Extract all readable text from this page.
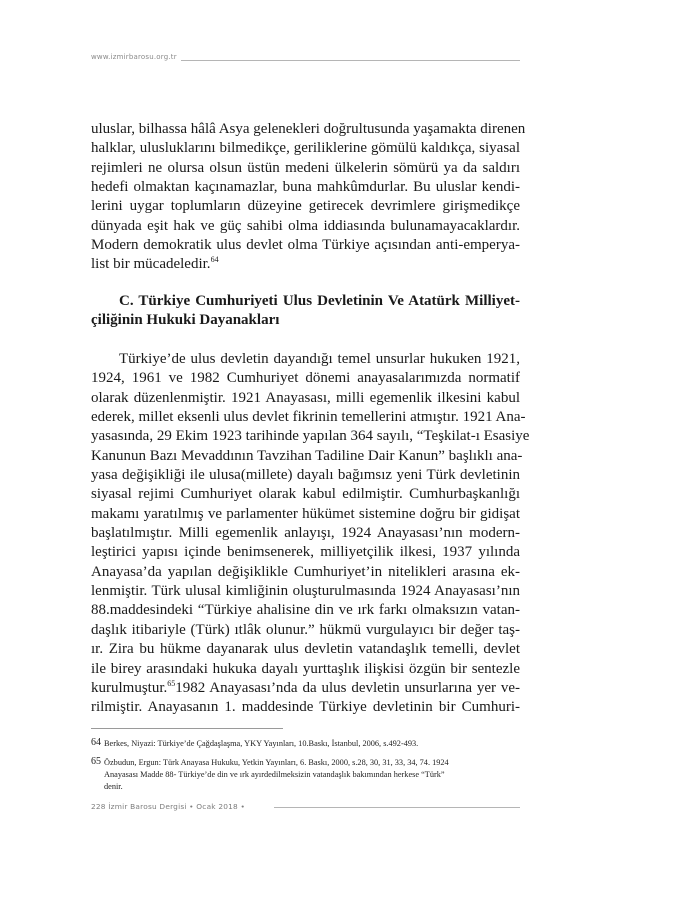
www.izmirbarosu.org.tr
uluslar, bilhassa hâlâ Asya gelenekleri doğrultusunda yaşamakta direnen
halklar, ulusluklarını bilmedikçe, geriliklerine gömülü kaldıkça, siyasal
rejimleri ne olursa olsun üstün medeni ülkelerin sömürü ya da saldırı
hedefi olmaktan kaçınamazlar, buna mahkûmdurlar. Bu uluslar kendi-
lerini uygar toplumların düzeyine getirecek devrimlere girişmedikçe
dünyada eşit hak ve güç sahibi olma iddiasında bulunamayacaklardır.
Modern demokratik ulus devlet olma Türkiye açısından anti-emperya-
list bir mücadeledir.$^{64}$
C. Türkiye Cumhuriyeti Ulus Devletinin Ve Atatürk Milliyet-
çiliğinin Hukuki Dayanakları
Türkiye’de ulus devletin dayandığı temel unsurlar hukuken 1921,
1924, 1961 ve 1982 Cumhuriyet dönemi anayasalarımızda normatif
olarak düzenlenmiştir. 1921 Anayasası, milli egemenlik ilkesini kabul
ederek, millet eksenli ulus devlet fikrinin temellerini atmıştır. 1921 Ana-
yasasında, 29 Ekim 1923 tarihinde yapılan 364 sayılı, “Teşkilat-ı Esasiye
Kanunun Bazı Mevaddının Tavzihan Tadiline Dair Kanun” başlıklı ana-
yasa değişikliği ile ulusa(millete) dayalı bağımsız yeni Türk devletinin
siyasal rejimi Cumhuriyet olarak kabul edilmiştir. Cumhurbaşkanlığı
makamı yaratılmış ve parlamenter hükümet sistemine doğru bir gidişat
başlatılmıştır. Milli egemenlik anlayışı, 1924 Anayasası’nın modern-
leştirici yapısı içinde benimsenerek, milliyetçilik ilkesi, 1937 yılında
Anayasa’da yapılan değişiklikle Cumhuriyet’in nitelikleri arasına ek-
lenmiştir. Türk ulusal kimliğinin oluşturulmasında 1924 Anayasası’nın
88.maddesindeki “Türkiye ahalisine din ve ırk farkı olmaksızın vatan-
daşlık itibariyle (Türk) ıtlâk olunur.” hükmü vurgulayıcı bir değer taş-
ır. Zira bu hükme dayanarak ulus devletin vatandaşlık temelli, devlet
ile birey arasındaki hukuka dayalı yurttaşlık ilişkisi özgün bir sentezle
kurulmuştur.$^{65}$1982 Anayasası’nda da ulus devletin unsurlarına yer ve-
rilmiştir. Anayasanın 1. maddesinde Türkiye devletinin bir Cumhuri-
64 Berkes, Niyazi: Türkiye’de Çağdaşlaşma, YKY Yayınları, 10.Baskı, İstanbul, 2006, s.492-493.
65 Özbudun, Ergun: Türk Anayasa Hukuku, Yetkin Yayınları, 6. Baskı, 2000, s.28, 30, 31, 33, 34, 74. 1924
Anayasası Madde 88- Türkiye’de din ve ırk ayırdedilmeksizin vatandaşlık bakımından herkese “Türk”
denir.
228 İzmir Barosu Dergisi • Ocak 2018 •
